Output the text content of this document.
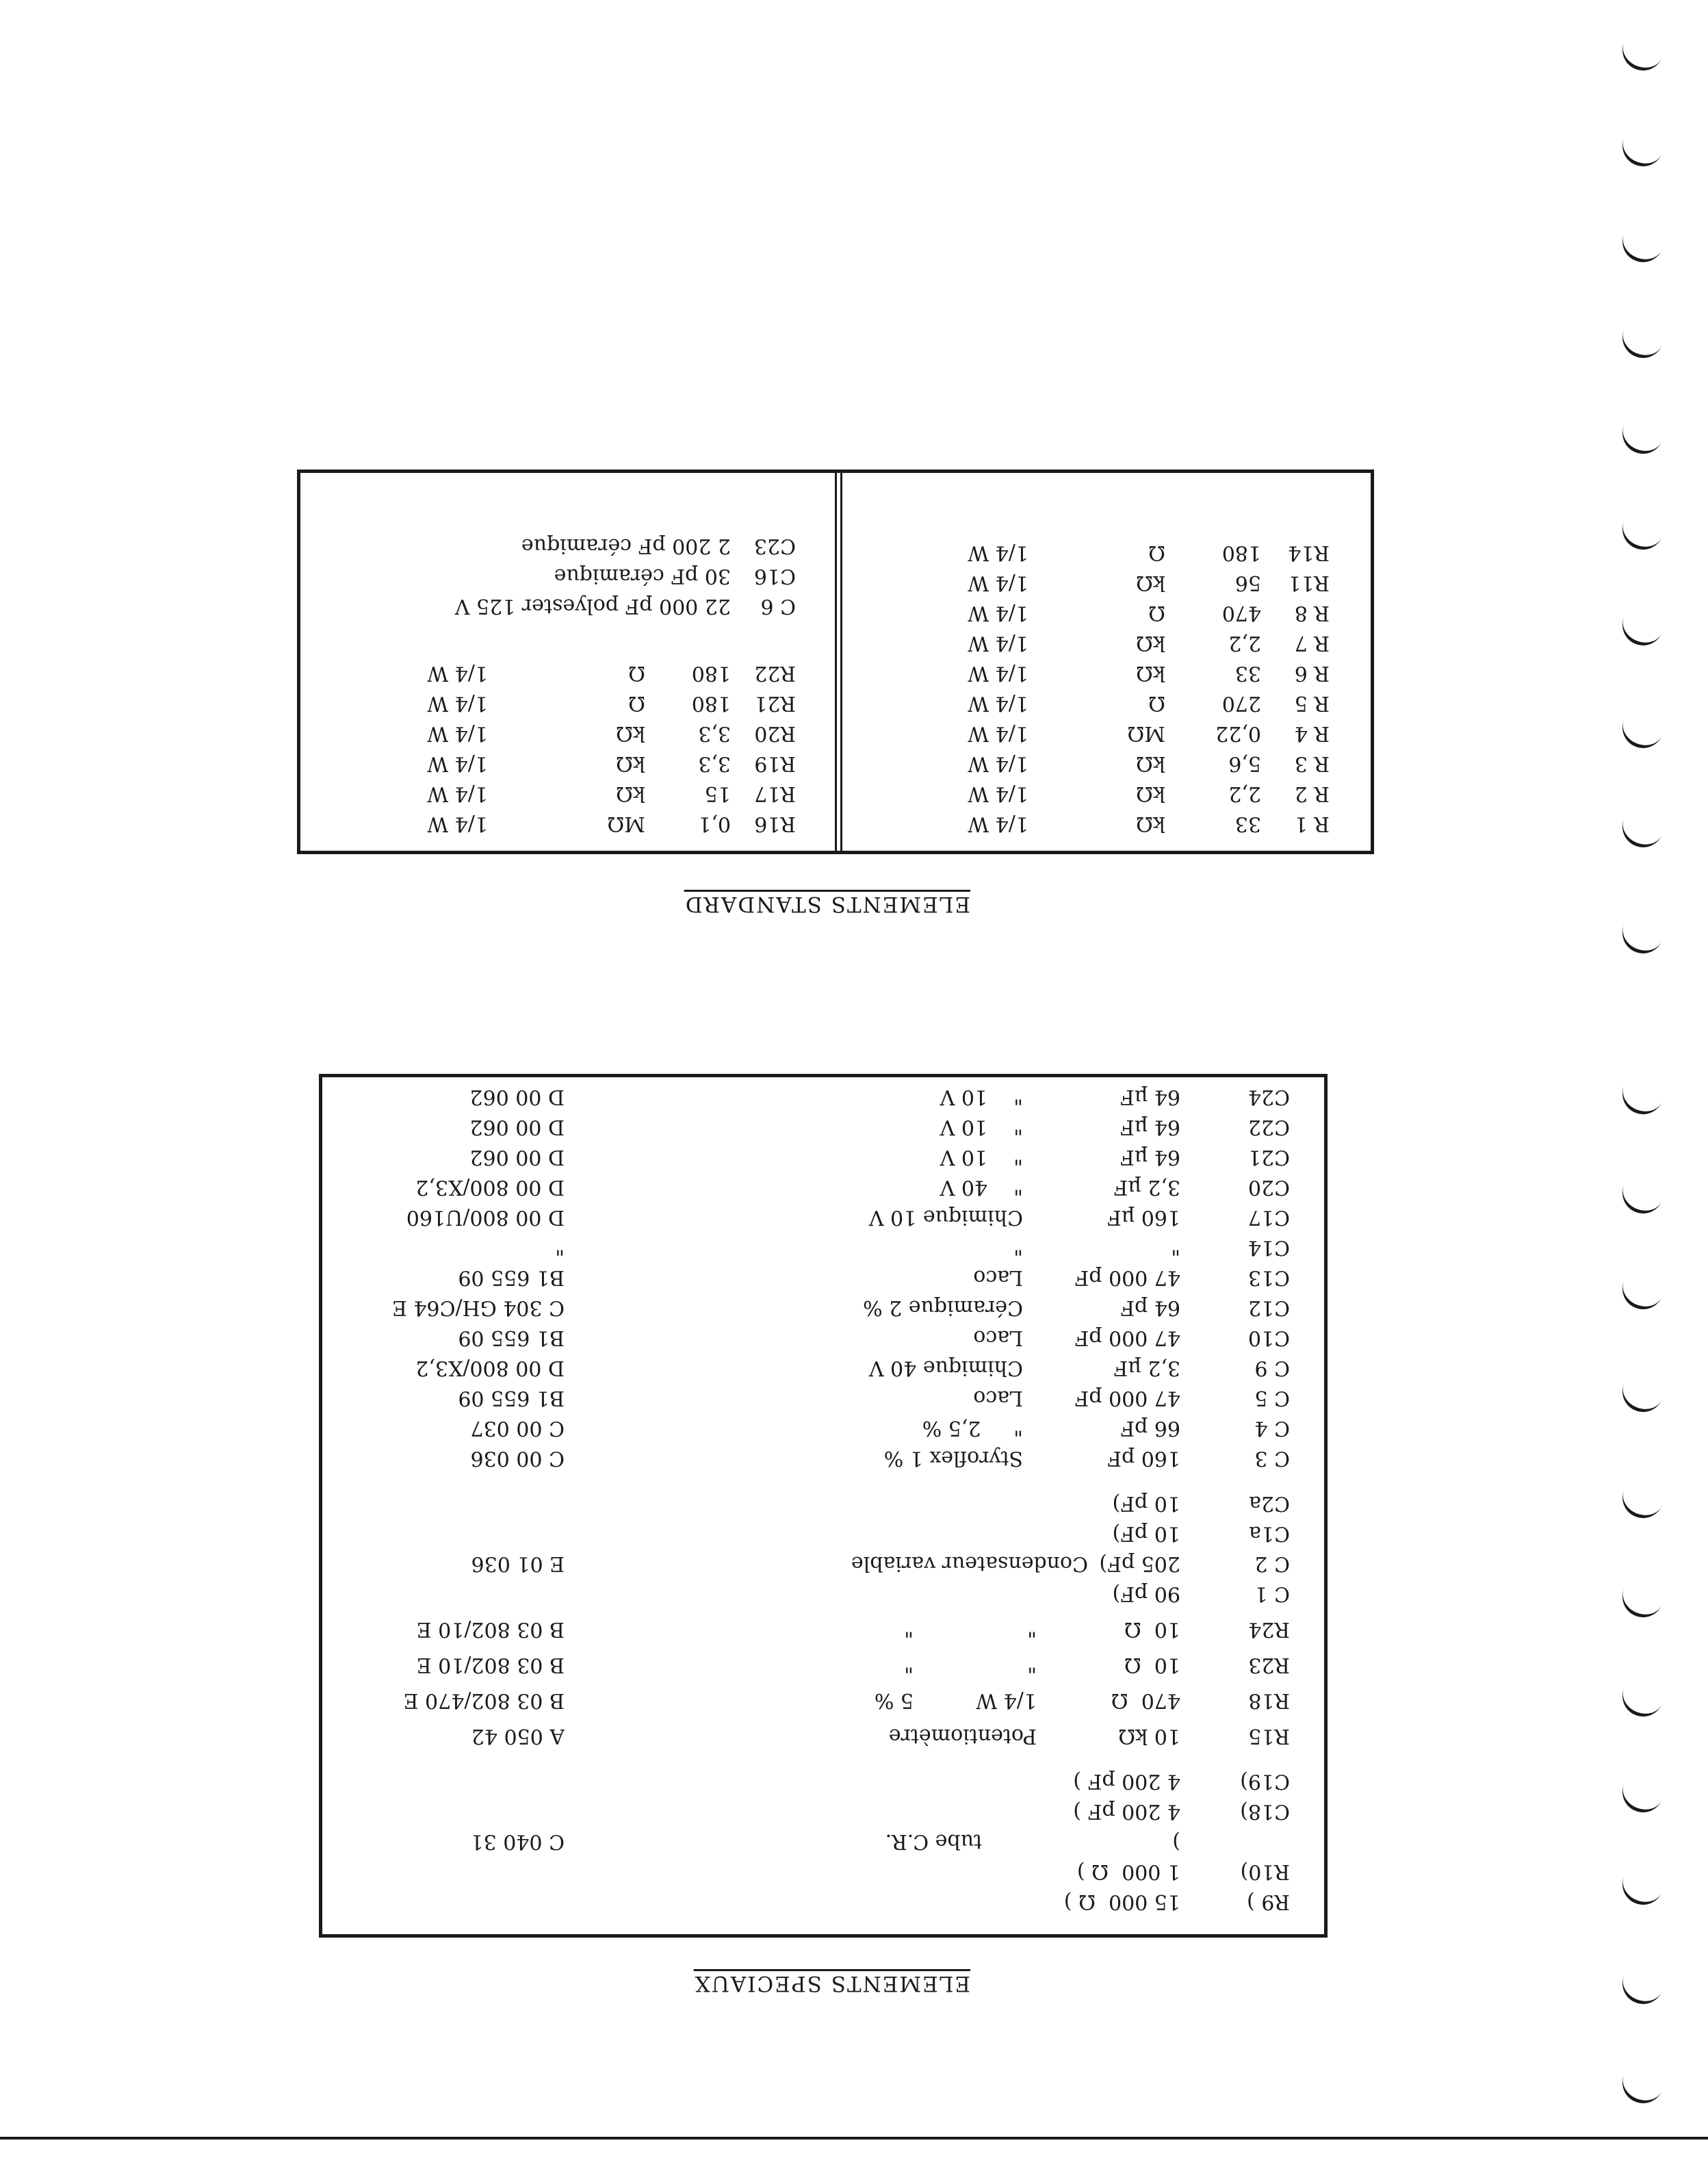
ELEMENTS SPECIAUX
R9 )
15 000  Ω )
R10)
1 000  Ω )
)
tube C.R.
C 040 31
C18)
4 200 pF )
C19)
4 200 pF )
R15
10 kΩ
Potentiomètre
A 050 42
R18
470  Ω
1/4 W
5 %
B 03 802/470 E
R23
10  Ω
"
"
B 03 802/10 E
R24
10  Ω
"
"
B 03 802/10 E
C 1
90 pF)
C 2
205 pF)
Condensateur variable
E 01 036
C1a
10 pF)
C2a
10 pF)
C 3
160 pF
Styroflex 1 %
C 00 036
C 4
66 pF
"     2,5 %
C 00 037
C 5
47 000 pF
Laco
B1 655 09
C 9
3,2 µF
Chimique 40 V
D 00 800/X3,2
C10
47 000 pF
Laco
B1 655 09
C12
64 pF
Céramique 2 %
C 304 GH/C64 E
C13
47 000 pF
Laco
B1 655 09
C14
"
"
"
C17
160 µF
Chimique 10 V
D 00 800/U160
C20
3,2 µF
"    40 V
D 00 800/X3,2
C21
64 µF
"    10 V
D 00 062
C22
64 µF
"    10 V
D 00 062
C24
64 µF
"    10 V
D 00 062
ELEMENTS STANDARD
R 1
33
kΩ
1/4 W
R 2
2,2
kΩ
1/4 W
R 3
5,6
kΩ
1/4 W
R 4
0,22
MΩ
1/4 W
R 5
270
Ω
1/4 W
R 6
33
kΩ
1/4 W
R 7
2,2
kΩ
1/4 W
R 8
470
Ω
1/4 W
R11
56
kΩ
1/4 W
R14
180
Ω
1/4 W
R16
0,1
MΩ
1/4 W
R17
15
kΩ
1/4 W
R19
3,3
kΩ
1/4 W
R20
3,3
kΩ
1/4 W
R21
180
Ω
1/4 W
R22
180
Ω
1/4 W
C 6
22 000 pF polyester 125 V
C16
30 pF céramique
C23
2 200 pF céramique
